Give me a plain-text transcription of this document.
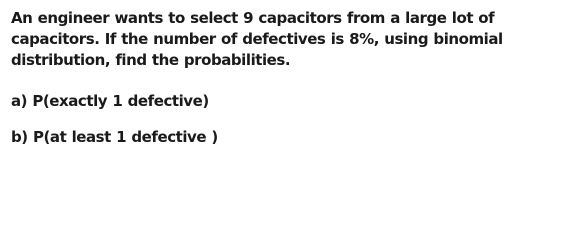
An engineer wants to select 9 capacitors from a large lot of capacitors. If the number of defectives is 8%, using binomial distribution, find the probabilities.

a) P(exactly 1 defective)

b) P(at least 1 defective )
